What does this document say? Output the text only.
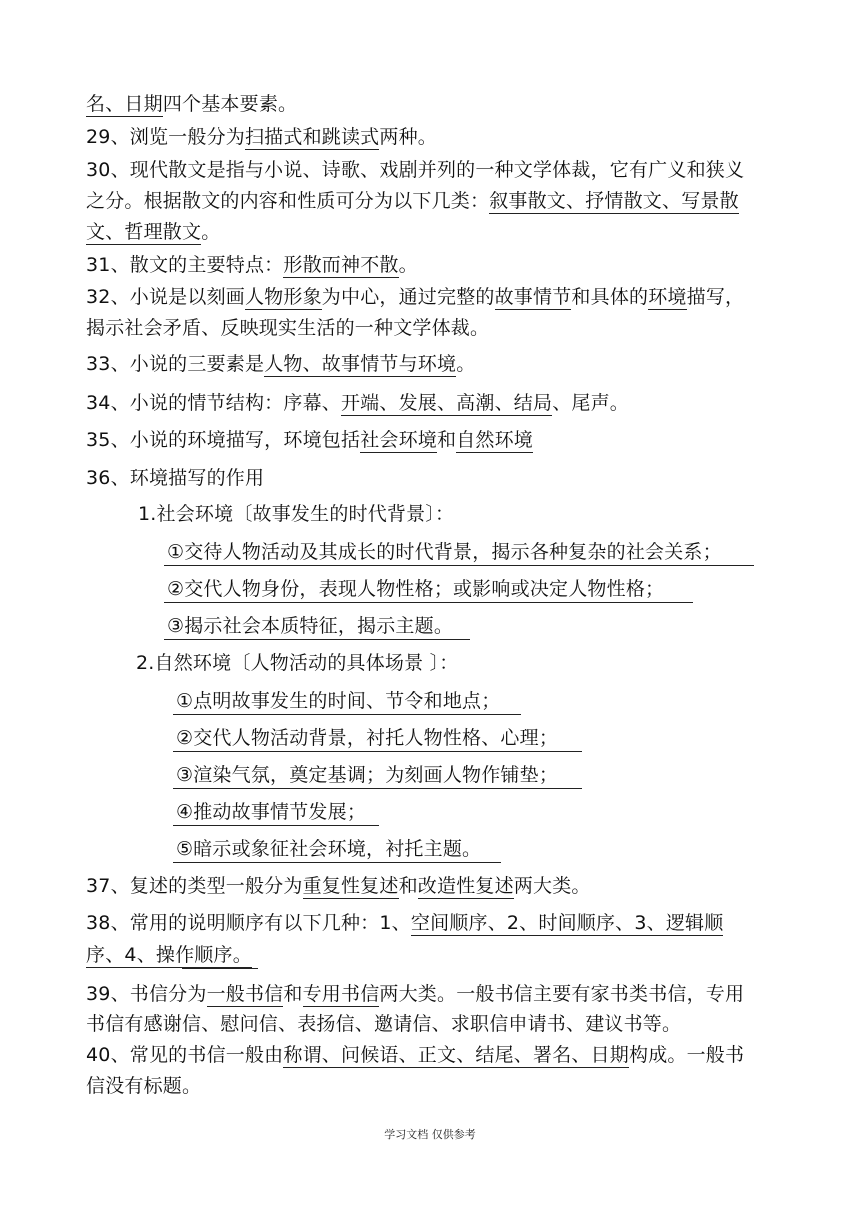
名、日期四个基本要素。

29、浏览一般分为扫描式和跳读式两种。

30、现代散文是指与小说、诗歌、戏剧并列的一种文学体裁，它有广义和狭义

之分。根据散文的内容和性质可分为以下几类：叙事散文、抒情散文、写景散

文、哲理散文。

31、散文的主要特点：形散而神不散。

32、小说是以刻画人物形象为中心，通过完整的故事情节和具体的环境描写，

揭示社会矛盾、反映现实生活的一种文学体裁。

33、小说的三要素是人物、故事情节与环境。

34、小说的情节结构：序幕、开端、发展、高潮、结局、尾声。

35、小说的环境描写，环境包括社会环境和自然环境

36、环境描写的作用

1.社会环境〔故事发生的时代背景〕：

①交待人物活动及其成长的时代背景，揭示各种复杂的社会关系；

②交代人物身份，表现人物性格；或影响或决定人物性格；

③揭示社会本质特征，揭示主题。

2.自然环境〔人物活动的具体场景 〕：

①点明故事发生的时间、节令和地点；

②交代人物活动背景，衬托人物性格、心理；

③渲染气氛，奠定基调；为刻画人物作铺垫；

④推动故事情节发展；

⑤暗示或象征社会环境，衬托主题。

37、复述的类型一般分为重复性复述和改造性复述两大类。

38、常用的说明顺序有以下几种：1、空间顺序、2、时间顺序、3、逻辑顺

序、4、操作顺序。

39、书信分为一般书信和专用书信两大类。一般书信主要有家书类书信，专用

书信有感谢信、慰问信、表扬信、邀请信、求职信申请书、建议书等。

40、常见的书信一般由称谓、问候语、正文、结尾、署名、日期构成。一般书

信没有标题。

学习文档 仅供参考
